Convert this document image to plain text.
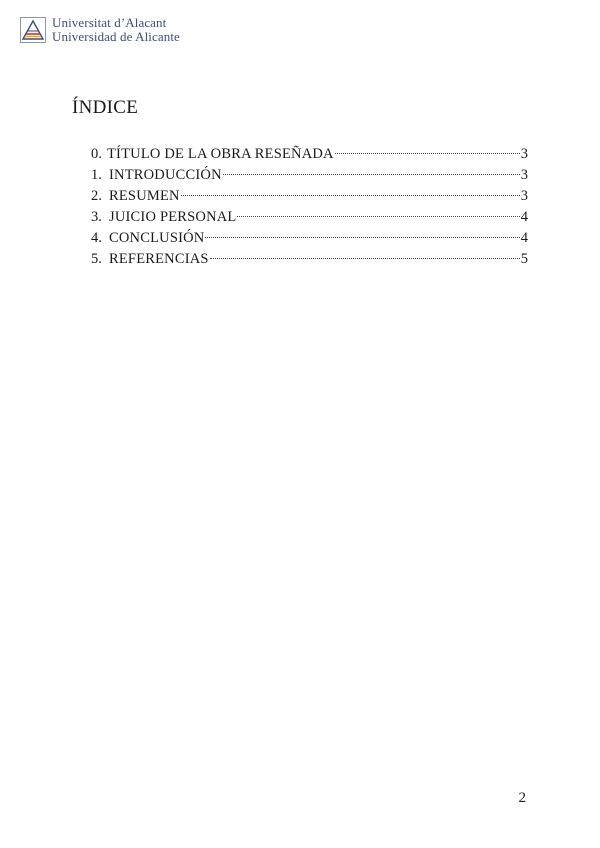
Universitat d’Alacant
Universidad de Alicante
ÍNDICE
0. TÍTULO DE LA OBRA RESEÑADA	3
1. INTRODUCCIÓN	3
2. RESUMEN	3
3. JUICIO PERSONAL	4
4. CONCLUSIÓN	4
5. REFERENCIAS	5
2
